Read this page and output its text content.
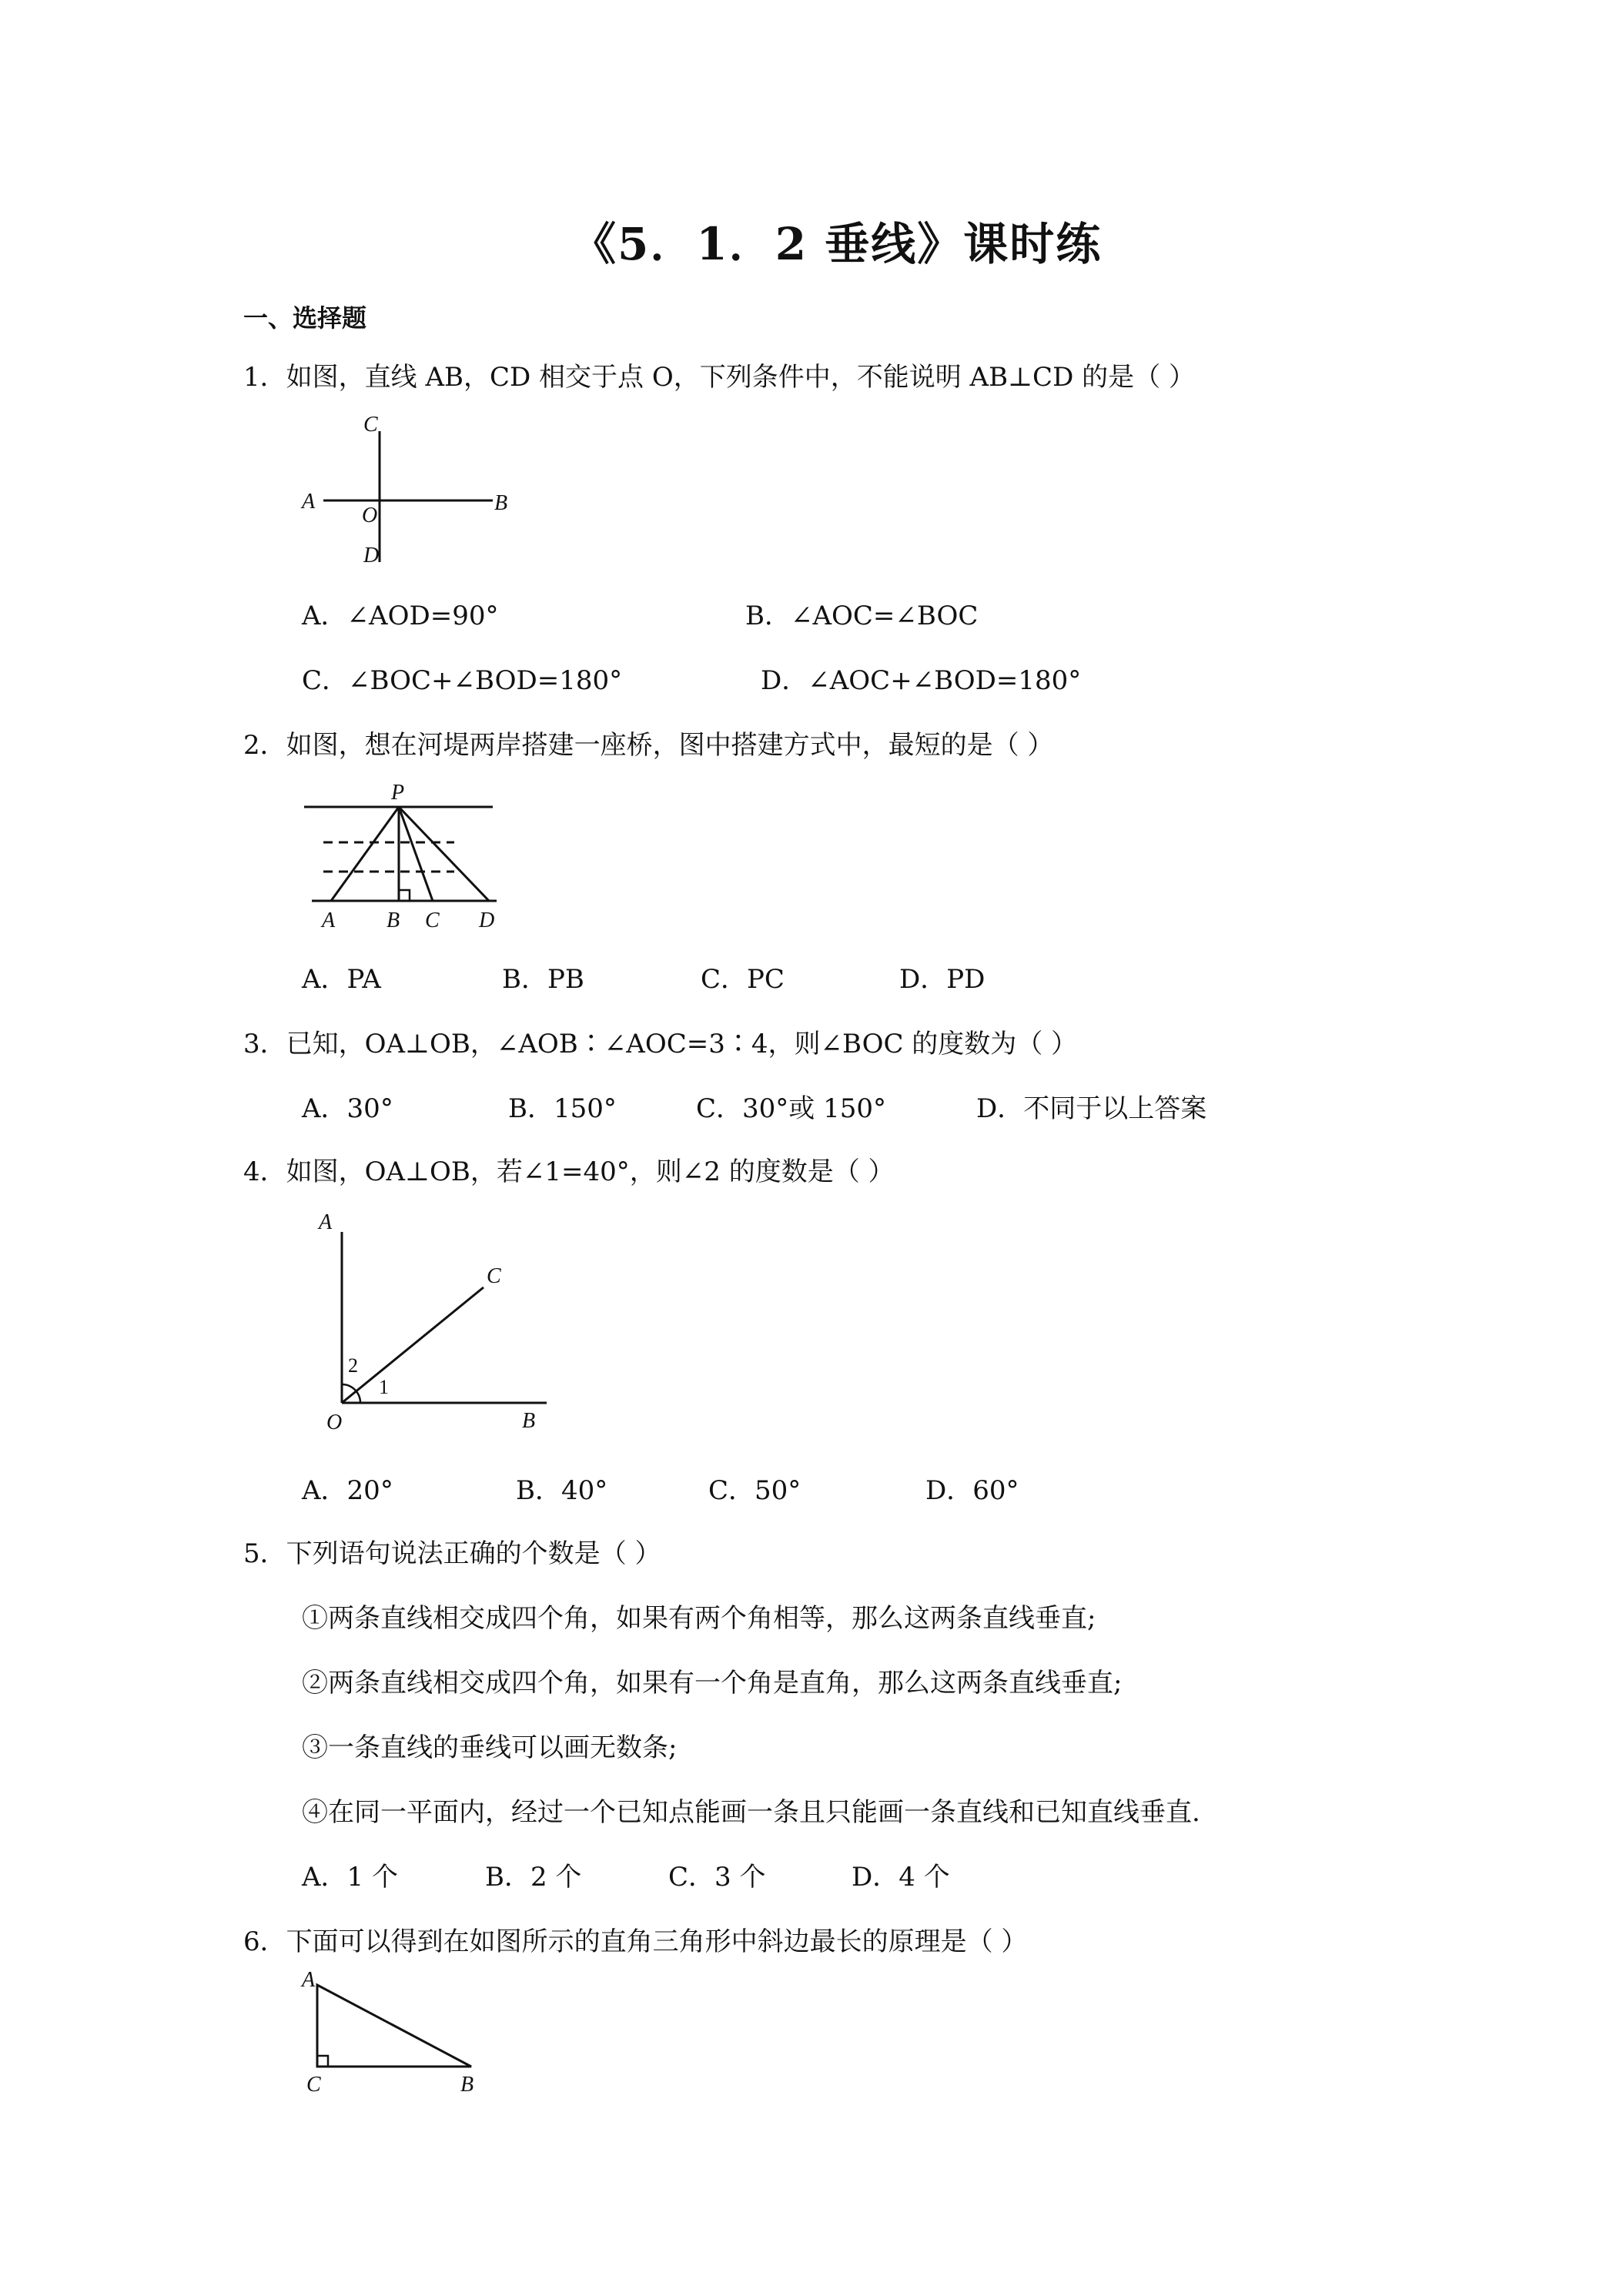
《5．1．2 垂线》课时练
一、选择题
1．如图，直线 AB，CD 相交于点 O，下列条件中，不能说明 AB⊥CD 的是（ ）
C
A
O
B
D
A．∠AOD=90°	B．∠AOC=∠BOC
C．∠BOC+∠BOD=180°	D．∠AOC+∠BOD=180°
2．如图，想在河堤两岸搭建一座桥，图中搭建方式中，最短的是（ ）
P
A B C D
A．PA	B．PB	C．PC	D．PD
3．已知，OA⊥OB，∠AOB∶∠AOC=3∶4，则∠BOC 的度数为（ ）
A．30°	B．150°	C．30°或 150°	D．不同于以上答案
4．如图，OA⊥OB，若∠1=40°，则∠2 的度数是（ ）
A
C
2
1
O	B
A．20°	B．40°	C．50°	D．60°
5．下列语句说法正确的个数是（ ）
①两条直线相交成四个角，如果有两个角相等，那么这两条直线垂直;
②两条直线相交成四个角，如果有一个角是直角，那么这两条直线垂直;
③一条直线的垂线可以画无数条;
④在同一平面内，经过一个已知点能画一条且只能画一条直线和已知直线垂直.
A．1 个	B．2 个	C．3 个	D．4 个
6．下面可以得到在如图所示的直角三角形中斜边最长的原理是（ ）
A
C	B
